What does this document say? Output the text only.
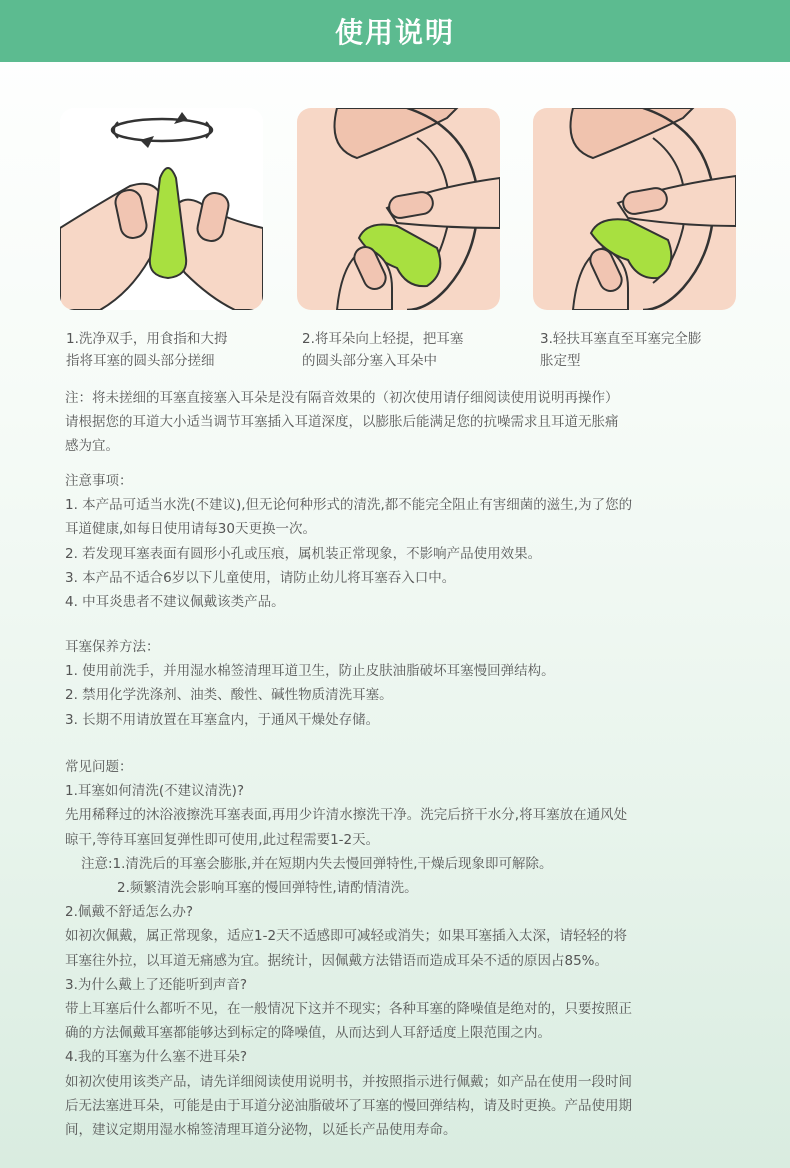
使用说明
1.洗净双手，用食指和大拇
指将耳塞的圆头部分搓细
2.将耳朵向上轻提，把耳塞
的圆头部分塞入耳朵中
3.轻扶耳塞直至耳塞完全膨
胀定型
注：将未搓细的耳塞直接塞入耳朵是没有隔音效果的（初次使用请仔细阅读使用说明再操作）
请根据您的耳道大小适当调节耳塞插入耳道深度，以膨胀后能满足您的抗噪需求且耳道无胀痛
感为宜。
注意事项：
1. 本产品可适当水洗(不建议),但无论何种形式的清洗,都不能完全阻止有害细菌的滋生,为了您的
耳道健康,如每日使用请每30天更换一次。
2. 若发现耳塞表面有圆形小孔或压痕，属机装正常现象，不影响产品使用效果。
3. 本产品不适合6岁以下儿童使用，请防止幼儿将耳塞吞入口中。
4. 中耳炎患者不建议佩戴该类产品。
耳塞保养方法：
1. 使用前洗手，并用湿水棉签清理耳道卫生，防止皮肤油脂破坏耳塞慢回弹结构。
2. 禁用化学洗涤剂、油类、酸性、碱性物质清洗耳塞。
3. 长期不用请放置在耳塞盒内，于通风干燥处存储。
常见问题：
1.耳塞如何清洗(不建议清洗)?
先用稀释过的沐浴液擦洗耳塞表面,再用少许清水擦洗干净。洗完后挤干水分,将耳塞放在通风处
晾干,等待耳塞回复弹性即可使用,此过程需要1-2天。
注意:1.清洗后的耳塞会膨胀,并在短期内失去慢回弹特性,干燥后现象即可解除。
2.频繁清洗会影响耳塞的慢回弹特性,请酌情清洗。
2.佩戴不舒适怎么办?
如初次佩戴，属正常现象，适应1-2天不适感即可减轻或消失；如果耳塞插入太深，请轻轻的将
耳塞往外拉，以耳道无痛感为宜。据统计，因佩戴方法错语而造成耳朵不适的原因占85%。
3.为什么戴上了还能听到声音?
带上耳塞后什么都听不见，在一般情况下这并不现实；各种耳塞的降噪值是绝对的，只要按照正
确的方法佩戴耳塞都能够达到标定的降噪值，从而达到人耳舒适度上限范围之内。
4.我的耳塞为什么塞不进耳朵?
如初次使用该类产品，请先详细阅读使用说明书，并按照指示进行佩戴；如产品在使用一段时间
后无法塞进耳朵，可能是由于耳道分泌油脂破坏了耳塞的慢回弹结构，请及时更换。产品使用期
间，建议定期用湿水棉签清理耳道分泌物，以延长产品使用寿命。
